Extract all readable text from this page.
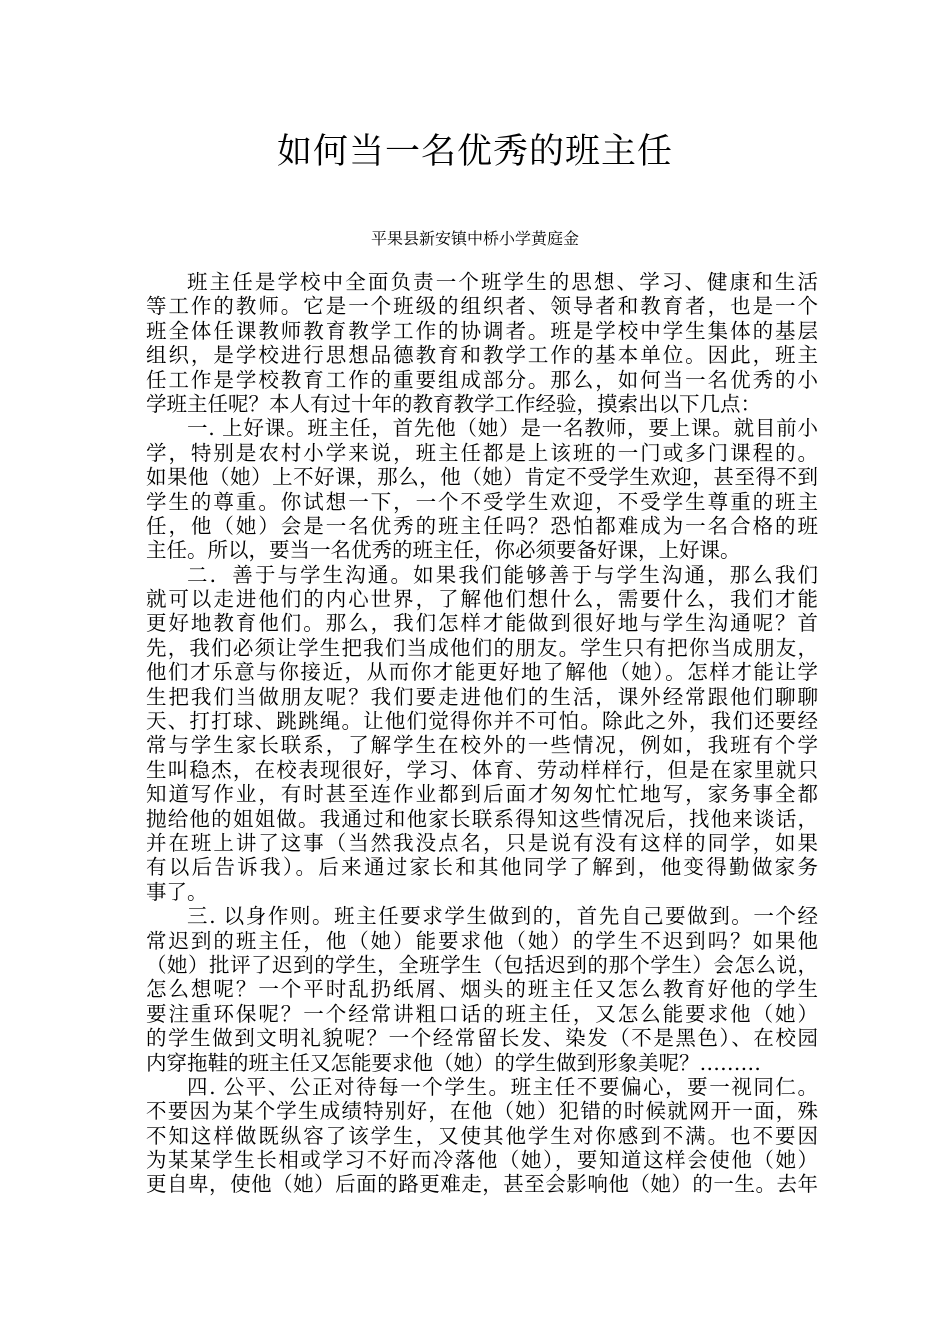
如何当一名优秀的班主任
平果县新安镇中桥小学黄庭金
班主任是学校中全面负责一个班学生的思想、学习、健康和生活
等工作的教师。它是一个班级的组织者、领导者和教育者，也是一个
班全体任课教师教育教学工作的协调者。班是学校中学生集体的基层
组织，是学校进行思想品德教育和教学工作的基本单位。因此，班主
任工作是学校教育工作的重要组成部分。那么，如何当一名优秀的小
学班主任呢？本人有过十年的教育教学工作经验，摸索出以下几点：
一. 上好课。班主任，首先他（她）是一名教师，要上课。就目前小
学，特别是农村小学来说，班主任都是上该班的一门或多门课程的。
如果他（她）上不好课，那么，他（她）肯定不受学生欢迎，甚至得不到
学生的尊重。你试想一下，一个不受学生欢迎，不受学生尊重的班主
任，他（她）会是一名优秀的班主任吗？恐怕都难成为一名合格的班
主任。所以，要当一名优秀的班主任，你必须要备好课，上好课。
二．善于与学生沟通。如果我们能够善于与学生沟通，那么我们
就可以走进他们的内心世界，了解他们想什么，需要什么，我们才能
更好地教育他们。那么，我们怎样才能做到很好地与学生沟通呢？首
先，我们必须让学生把我们当成他们的朋友。学生只有把你当成朋友，
他们才乐意与你接近，从而你才能更好地了解他（她）。怎样才能让学
生把我们当做朋友呢？我们要走进他们的生活，课外经常跟他们聊聊
天、打打球、跳跳绳。让他们觉得你并不可怕。除此之外，我们还要经
常与学生家长联系，了解学生在校外的一些情况，例如，我班有个学
生叫稳杰，在校表现很好，学习、体育、劳动样样行，但是在家里就只
知道写作业，有时甚至连作业都到后面才匆匆忙忙地写，家务事全都
抛给他的姐姐做。我通过和他家长联系得知这些情况后，找他来谈话，
并在班上讲了这事（当然我没点名，只是说有没有这样的同学，如果
有以后告诉我）。后来通过家长和其他同学了解到，他变得勤做家务
事了。
三. 以身作则。班主任要求学生做到的，首先自己要做到。一个经
常迟到的班主任，他（她）能要求他（她）的学生不迟到吗？如果他
（她）批评了迟到的学生，全班学生（包括迟到的那个学生）会怎么说，
怎么想呢？一个平时乱扔纸屑、烟头的班主任又怎么教育好他的学生
要注重环保呢？一个经常讲粗口话的班主任，又怎么能要求他（她）
的学生做到文明礼貌呢？一个经常留长发、染发（不是黑色）、在校园
内穿拖鞋的班主任又怎能要求他（她）的学生做到形象美呢？………
四. 公平、公正对待每一个学生。班主任不要偏心，要一视同仁。
不要因为某个学生成绩特别好，在他（她）犯错的时候就网开一面，殊
不知这样做既纵容了该学生，又使其他学生对你感到不满。也不要因
为某某学生长相或学习不好而冷落他（她），要知道这样会使他（她）
更自卑，使他（她）后面的路更难走，甚至会影响他（她）的一生。去年
